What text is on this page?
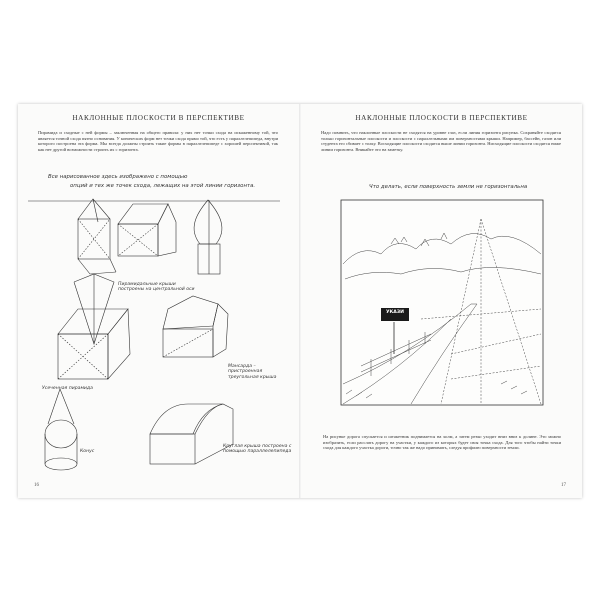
НАКЛОННЫЕ ПЛОСКОСТИ В ПЕРСПЕКТИВЕ
Пирамида и сходные с ней формы – заключенная на общего правила: у них нет точки схода на искаженному той, что является точной схода пятно основания. У конических форм нет точки схода прямо той, что есть у параллелепипеда, внутри которого построена эта форма. Мы всегда должны строить такие формы в параллелепипеде с хорошей перспективой, так как нет другой возможности строить их с горизонта.
Все нарисованное здесь изображено с помощью
опций и тех же точек схода, лежащих на этой линии горизонта.
Пирамидальные крыши построены на центральной оси
Мансарда – пристроенная треугольная крыша
Усеченная пирамида
Конус
Круглая крыша построена с помощью параллелепипеда
16
НАКЛОННЫЕ ПЛОСКОСТИ В ПЕРСПЕКТИВЕ
Надо помнить, что наклонные плоскости не сходятся на уровне глаз, если линия горизонта рисунка. Сохраняйте сходятся только горизонтальные плоскости и плоскости с параллельными им поверхностями крыши. Например, бассейн, газон или студента его сбивает с толку. Восходящие плоскости сходятся выше линии горизонта. Нисходящие плоскости сходятся ниже линии горизонта. Вникайте это на заметку.
Что делать, если поверхность земли не горизонтальна
УКАЗИ
На рисунке дорога спускается и штакетник поднимается на холм, а затем резко уходит вниз вниз к долине. Это можно изобразить, если расслать дорогу на участки, у каждого из которых будет своя точка схода. Для того чтобы найти точки схода для каждого участка дороги, точно так же надо принимать, следуя профилю поверхности земли.
17
